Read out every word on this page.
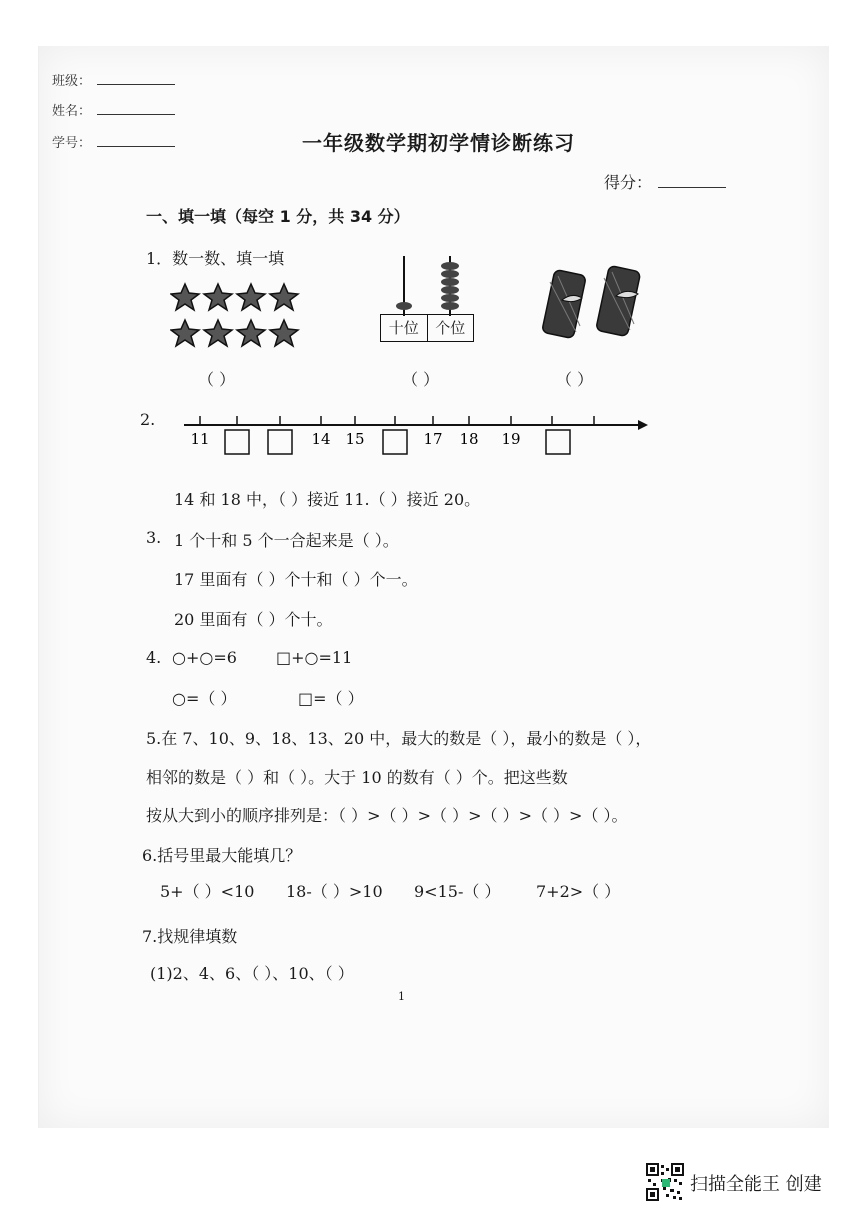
班级：
姓名：
学号：	一年级数学期初学情诊断练习
得分：
一、填一填（每空 1 分，共 34 分）
1．数一数、填一填
十位	个位
（ ）	（ ）	（ ）
2.
11	14 15	17 18 19
14 和 18 中，（ ）接近 11.（ ）接近 20。
3. 1 个十和 5 个一合起来是（ ）。
17 里面有（ ）个十和（ ）个一。
20 里面有（ ）个十。
4. ○+○=6 □+○=11
○=（ ）	□=（ ）
5.在 7、10、9、18、13、20 中，最大的数是（ ），最小的数是（ ），
相邻的数是（ ）和（ ）。大于 10 的数有（ ）个。把这些数
按从大到小的顺序排列是：（ ）>（ ）>（ ）>（ ）>（ ）>（ ）。
6.括号里最大能填几？
5+（ ）<10 18-（ ）>10 9<15-（ ） 7+2>（ ）
7.找规律填数
(1)2、4、6、（ ）、10、（ ）
1
扫描全能王 创建
